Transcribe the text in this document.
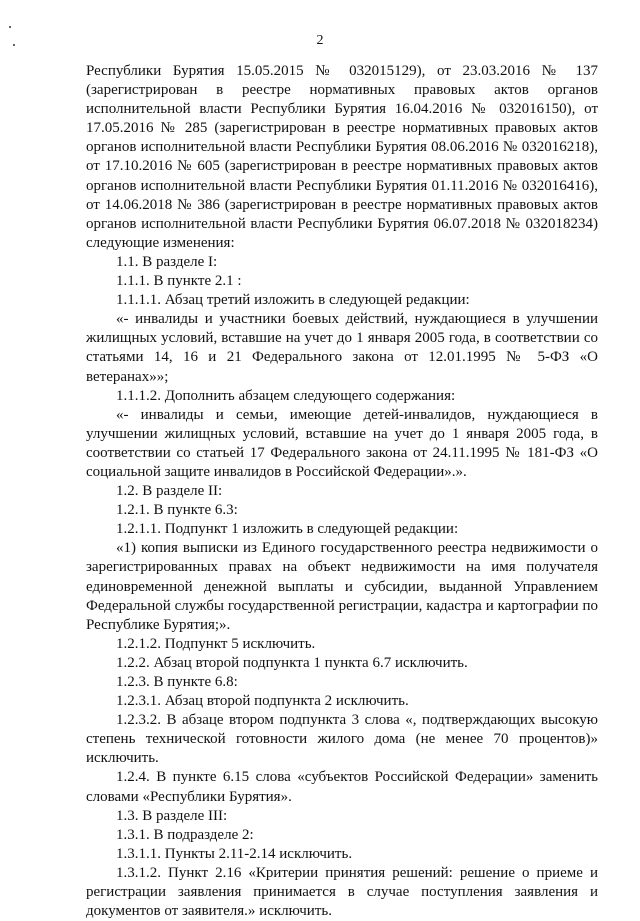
2

Республики Бурятия 15.05.2015 № 032015129), от 23.03.2016 № 137 (зарегистрирован в реестре нормативных правовых актов органов исполнительной власти Республики Бурятия 16.04.2016 № 032016150), от 17.05.2016 № 285 (зарегистрирован в реестре нормативных правовых актов органов исполнительной власти Республики Бурятия 08.06.2016 № 032016218), от 17.10.2016 № 605 (зарегистрирован в реестре нормативных правовых актов органов исполнительной власти Республики Бурятия 01.11.2016 № 032016416), от 14.06.2018 № 386 (зарегистрирован в реестре нормативных правовых актов органов исполнительной власти Республики Бурятия 06.07.2018 № 032018234) следующие изменения:

1.1. В разделе I:

1.1.1. В пункте 2.1 :

1.1.1.1. Абзац третий изложить в следующей редакции:

«- инвалиды и участники боевых действий, нуждающиеся в улучшении жилищных условий, вставшие на учет до 1 января 2005 года, в соответствии со статьями 14, 16 и 21 Федерального закона от 12.01.1995 № 5-ФЗ «О ветеранах»»;

1.1.1.2. Дополнить абзацем следующего содержания:

«- инвалиды и семьи, имеющие детей-инвалидов, нуждающиеся в улучшении жилищных условий, вставшие на учет до 1 января 2005 года, в соответствии со статьей 17 Федерального закона от 24.11.1995 № 181-ФЗ «О социальной защите инвалидов в Российской Федерации».».

1.2. В разделе II:

1.2.1. В пункте 6.3:

1.2.1.1. Подпункт 1 изложить в следующей редакции:

«1) копия выписки из Единого государственного реестра недвижимости о зарегистрированных правах на объект недвижимости на имя получателя единовременной денежной выплаты и субсидии, выданной Управлением Федеральной службы государственной регистрации, кадастра и картографии по Республике Бурятия;».

1.2.1.2. Подпункт 5 исключить.

1.2.2. Абзац второй подпункта 1 пункта 6.7 исключить.

1.2.3. В пункте 6.8:

1.2.3.1. Абзац второй подпункта 2 исключить.

1.2.3.2. В абзаце втором подпункта 3 слова «, подтверждающих высокую степень технической готовности жилого дома (не менее 70 процентов)» исключить.

1.2.4. В пункте 6.15 слова «субъектов Российской Федерации» заменить словами «Республики Бурятия».

1.3. В разделе III:

1.3.1. В подразделе 2:

1.3.1.1. Пункты 2.11-2.14 исключить.

1.3.1.2. Пункт 2.16 «Критерии принятия решений: решение о приеме и регистрации заявления принимается в случае поступления заявления и документов от заявителя.» исключить.
